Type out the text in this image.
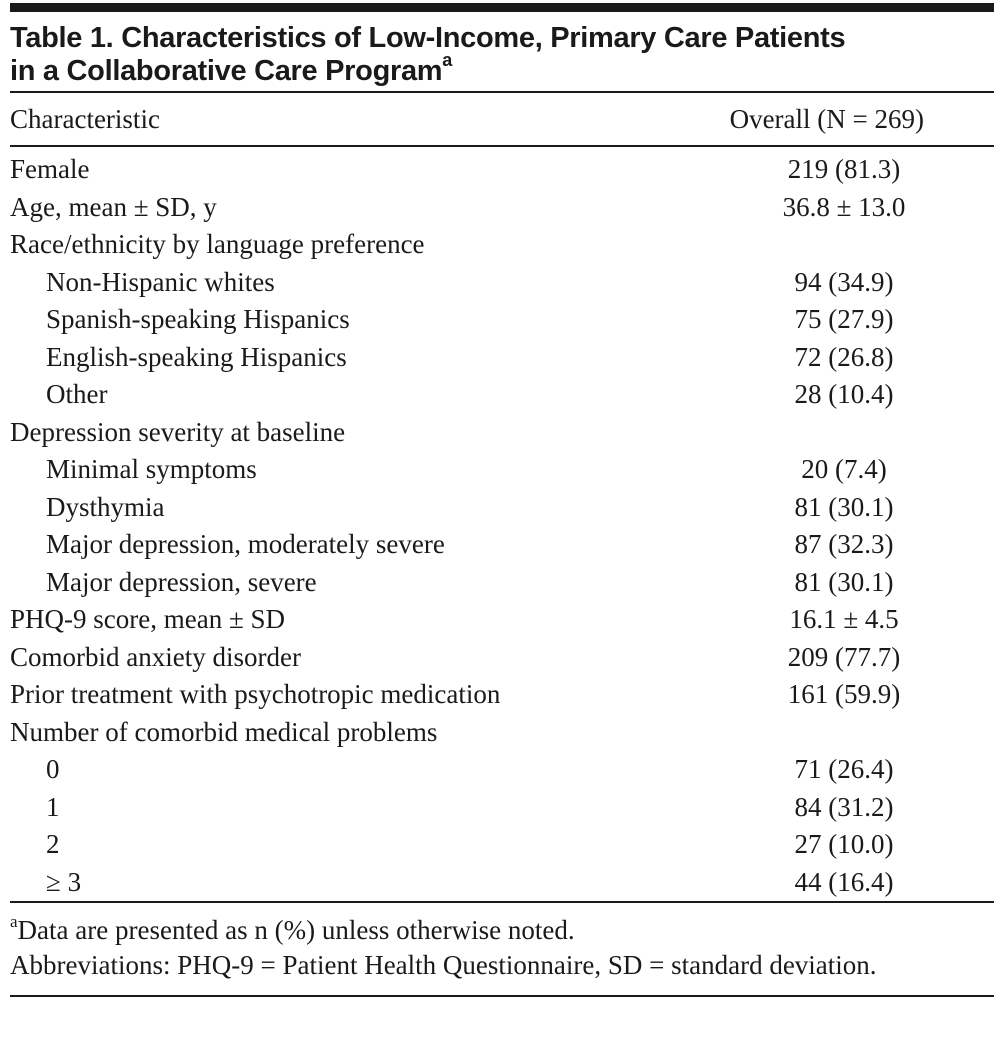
Table 1. Characteristics of Low-Income, Primary Care Patients
in a Collaborative Care Program$^a$
Characteristic	Overall (N = 269)
Female	219 (81.3)
Age, mean ± SD, y	36.8 ± 13.0
Race/ethnicity by language preference	
Non-Hispanic whites	94 (34.9)
Spanish-speaking Hispanics	75 (27.9)
English-speaking Hispanics	72 (26.8)
Other	28 (10.4)
Depression severity at baseline	
Minimal symptoms	20 (7.4)
Dysthymia	81 (30.1)
Major depression, moderately severe	87 (32.3)
Major depression, severe	81 (30.1)
PHQ-9 score, mean ± SD	16.1 ± 4.5
Comorbid anxiety disorder	209 (77.7)
Prior treatment with psychotropic medication	161 (59.9)
Number of comorbid medical problems	
0	71 (26.4)
1	84 (31.2)
2	27 (10.0)
≥ 3	44 (16.4)
$^a$Data are presented as n (%) unless otherwise noted.
Abbreviations: PHQ-9 = Patient Health Questionnaire, SD = standard deviation.
